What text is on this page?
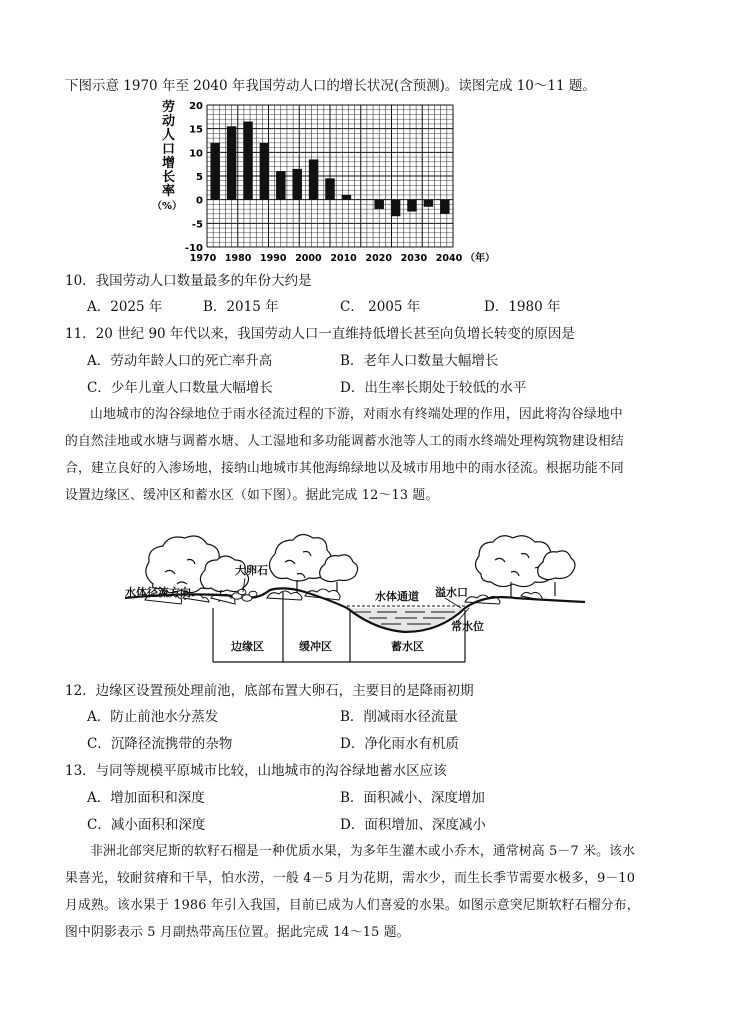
下图示意 1970 年至 2040 年我国劳动人口的增长状况(含预测)。读图完成 10～11 题。
劳
动
人
口
增
长
率
（%）
20
15
10
5
0
-5
-10
1970 1980 1990 2000 2010 2020 2030 2040 （年）
10．我国劳动人口数量最多的年份大约是
A．2025 年	B．2015 年	C． 2005 年	D．1980 年
11．20 世纪 90 年代以来，我国劳动人口一直维持低增长甚至向负增长转变的原因是
A．劳动年龄人口的死亡率升高	B．老年人口数量大幅增长
C．少年儿童人口数量大幅增长	D．出生率长期处于较低的水平
山地城市的沟谷绿地位于雨水径流过程的下游，对雨水有终端处理的作用，因此将沟谷绿地中
的自然洼地或水塘与调蓄水塘、人工湿地和多功能调蓄水池等人工的雨水终端处理构筑物建设相结
合，建立良好的入渗场地，接纳山地城市其他海绵绿地以及城市用地中的雨水径流。根据功能不同
设置边缘区、缓冲区和蓄水区（如下图）。据此完成 12～13 题。
大卵石
水体径流方向	水体通道 溢水口
常水位
边缘区	缓冲区	蓄水区
12．边缘区设置预处理前池，底部布置大卵石，主要目的是降雨初期
A．防止前池水分蒸发	B．削减雨水径流量
C．沉降径流携带的杂物	D．净化雨水有机质
13．与同等规模平原城市比较，山地城市的沟谷绿地蓄水区应该
A．增加面积和深度	B．面积减小、深度增加
C．减小面积和深度	D．面积增加、深度减小
非洲北部突尼斯的软籽石榴是一种优质水果，为多年生灌木或小乔木，通常树高 5－7 米。该水
果喜光，较耐贫瘠和干旱，怕水涝，一般 4－5 月为花期，需水少，而生长季节需要水极多，9－10
月成熟。该水果于 1986 年引入我国，目前已成为人们喜爱的水果。如图示意突尼斯软籽石榴分布，
图中阴影表示 5 月副热带高压位置。据此完成 14～15 题。
